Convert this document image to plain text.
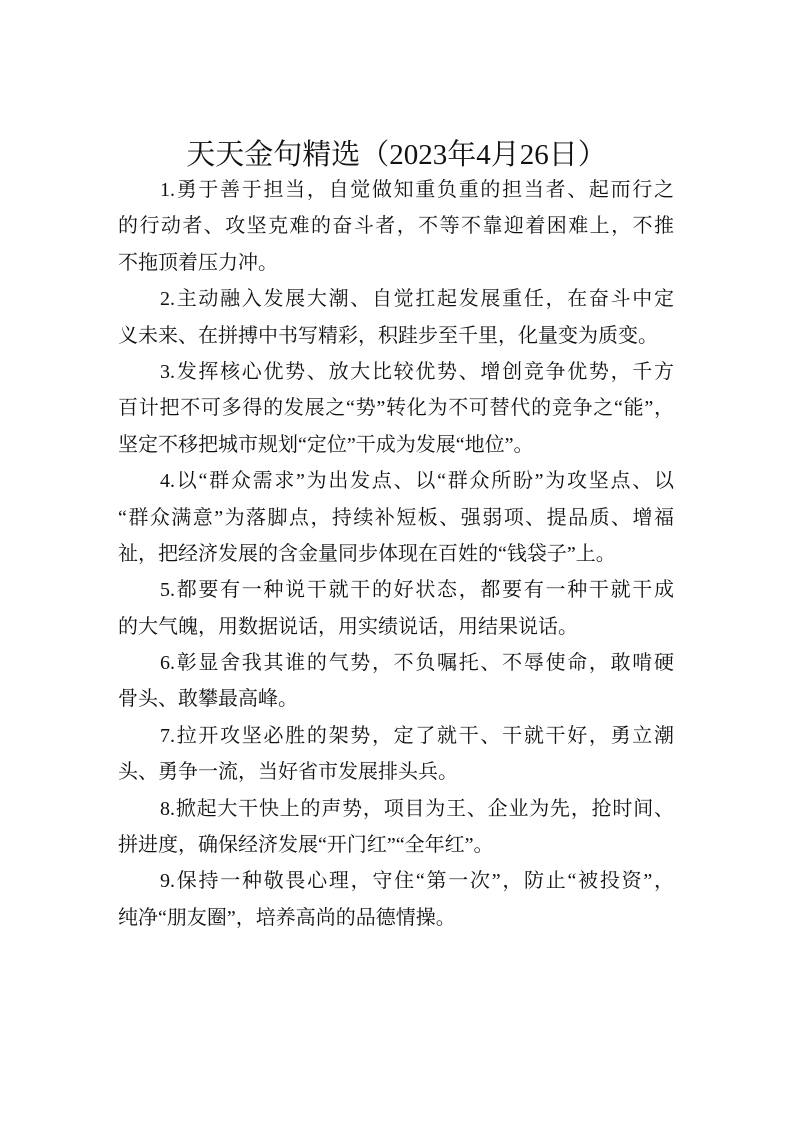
天天金句精选（2023年4月26日）
1.勇于善于担当，自觉做知重负重的担当者、起而行之
的行动者、攻坚克难的奋斗者，不等不靠迎着困难上，不推
不拖顶着压力冲。
2.主动融入发展大潮、自觉扛起发展重任，在奋斗中定
义未来、在拼搏中书写精彩，积跬步至千里，化量变为质变。
3.发挥核心优势、放大比较优势、增创竞争优势，千方
百计把不可多得的发展之“势”转化为不可替代的竞争之“能”，
坚定不移把城市规划“定位”干成为发展“地位”。
4.以“群众需求”为出发点、以“群众所盼”为攻坚点、以
“群众满意”为落脚点，持续补短板、强弱项、提品质、增福
祉，把经济发展的含金量同步体现在百姓的“钱袋子”上。
5.都要有一种说干就干的好状态，都要有一种干就干成
的大气魄，用数据说话，用实绩说话，用结果说话。
6.彰显舍我其谁的气势，不负嘱托、不辱使命，敢啃硬
骨头、敢攀最高峰。
7.拉开攻坚必胜的架势，定了就干、干就干好，勇立潮
头、勇争一流，当好省市发展排头兵。
8.掀起大干快上的声势，项目为王、企业为先，抢时间、
拼进度，确保经济发展“开门红”“全年红”。
9.保持一种敬畏心理，守住“第一次”，防止“被投资”，
纯净“朋友圈”，培养高尚的品德情操。
